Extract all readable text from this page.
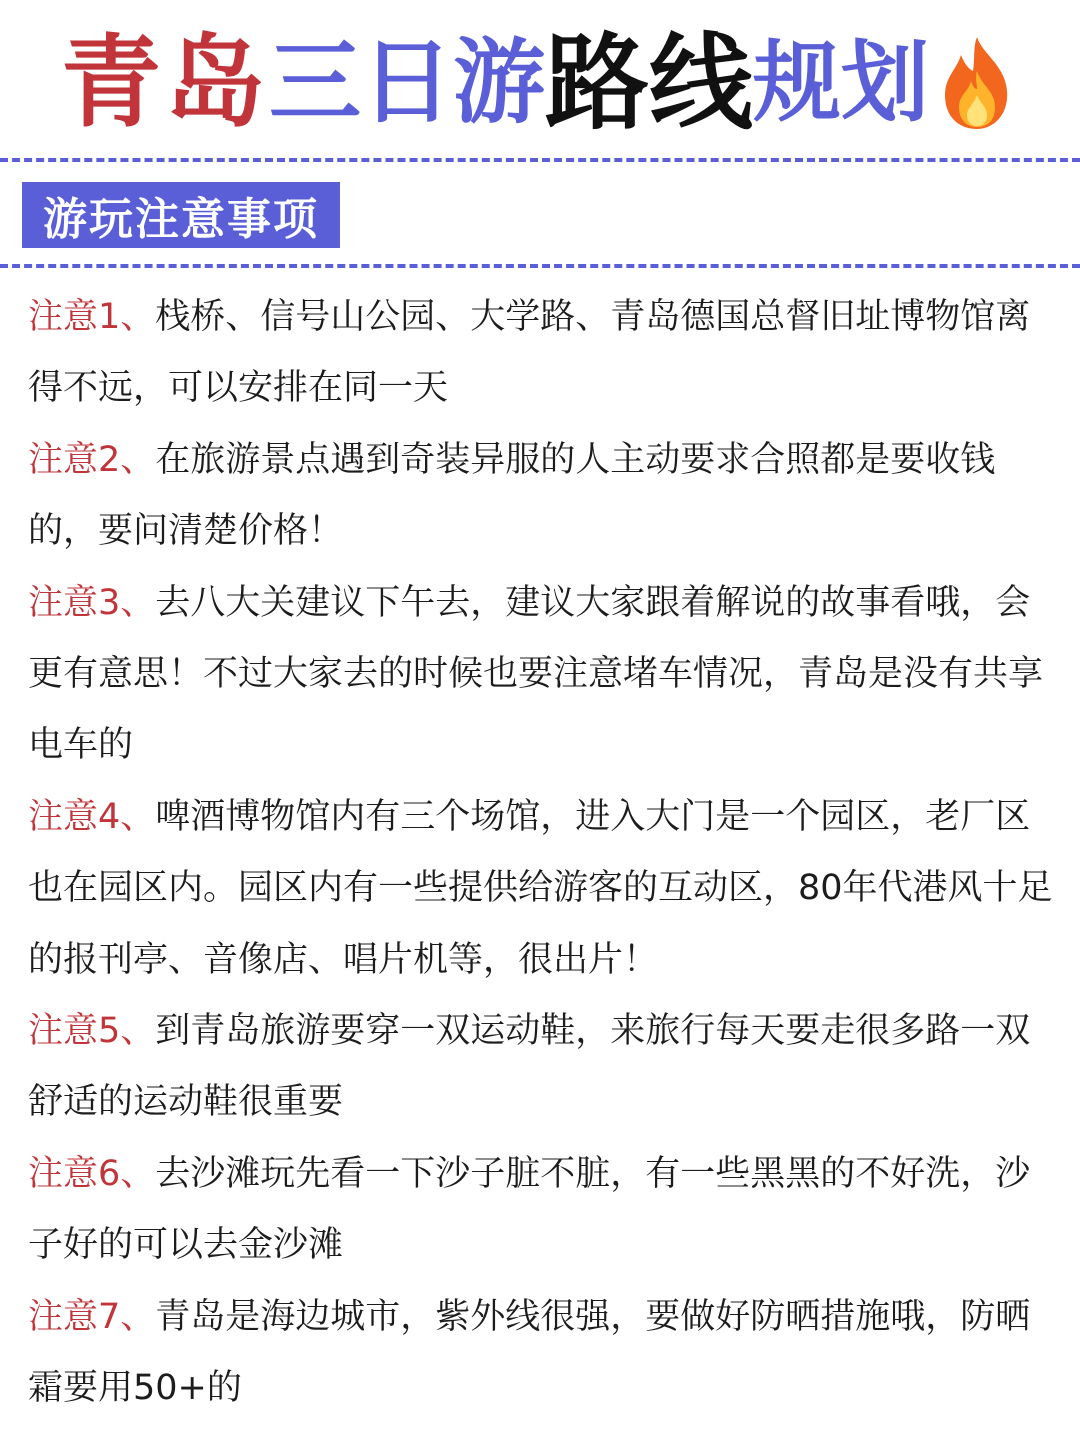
青岛 三日游 路线 规划
游玩注意事项

注意1、栈桥、信号山公园、大学路、青岛德国总督旧址博物馆离得不远，可以安排在同一天

注意2、在旅游景点遇到奇装异服的人主动要求合照都是要收钱的，要问清楚价格！

注意3、去八大关建议下午去，建议大家跟着解说的故事看哦，会更有意思！不过大家去的时候也要注意堵车情况，青岛是没有共享电车的

注意4、啤酒博物馆内有三个场馆，进入大门是一个园区，老厂区也在园区内。园区内有一些提供给游客的互动区，80年代港风十足的报刊亭、音像店、唱片机等，很出片！

注意5、到青岛旅游要穿一双运动鞋，来旅行每天要走很多路一双舒适的运动鞋很重要

注意6、去沙滩玩先看一下沙子脏不脏，有一些黑黑的不好洗，沙子好的可以去金沙滩

注意7、青岛是海边城市，紫外线很强，要做好防晒措施哦，防晒霜要用50+的
